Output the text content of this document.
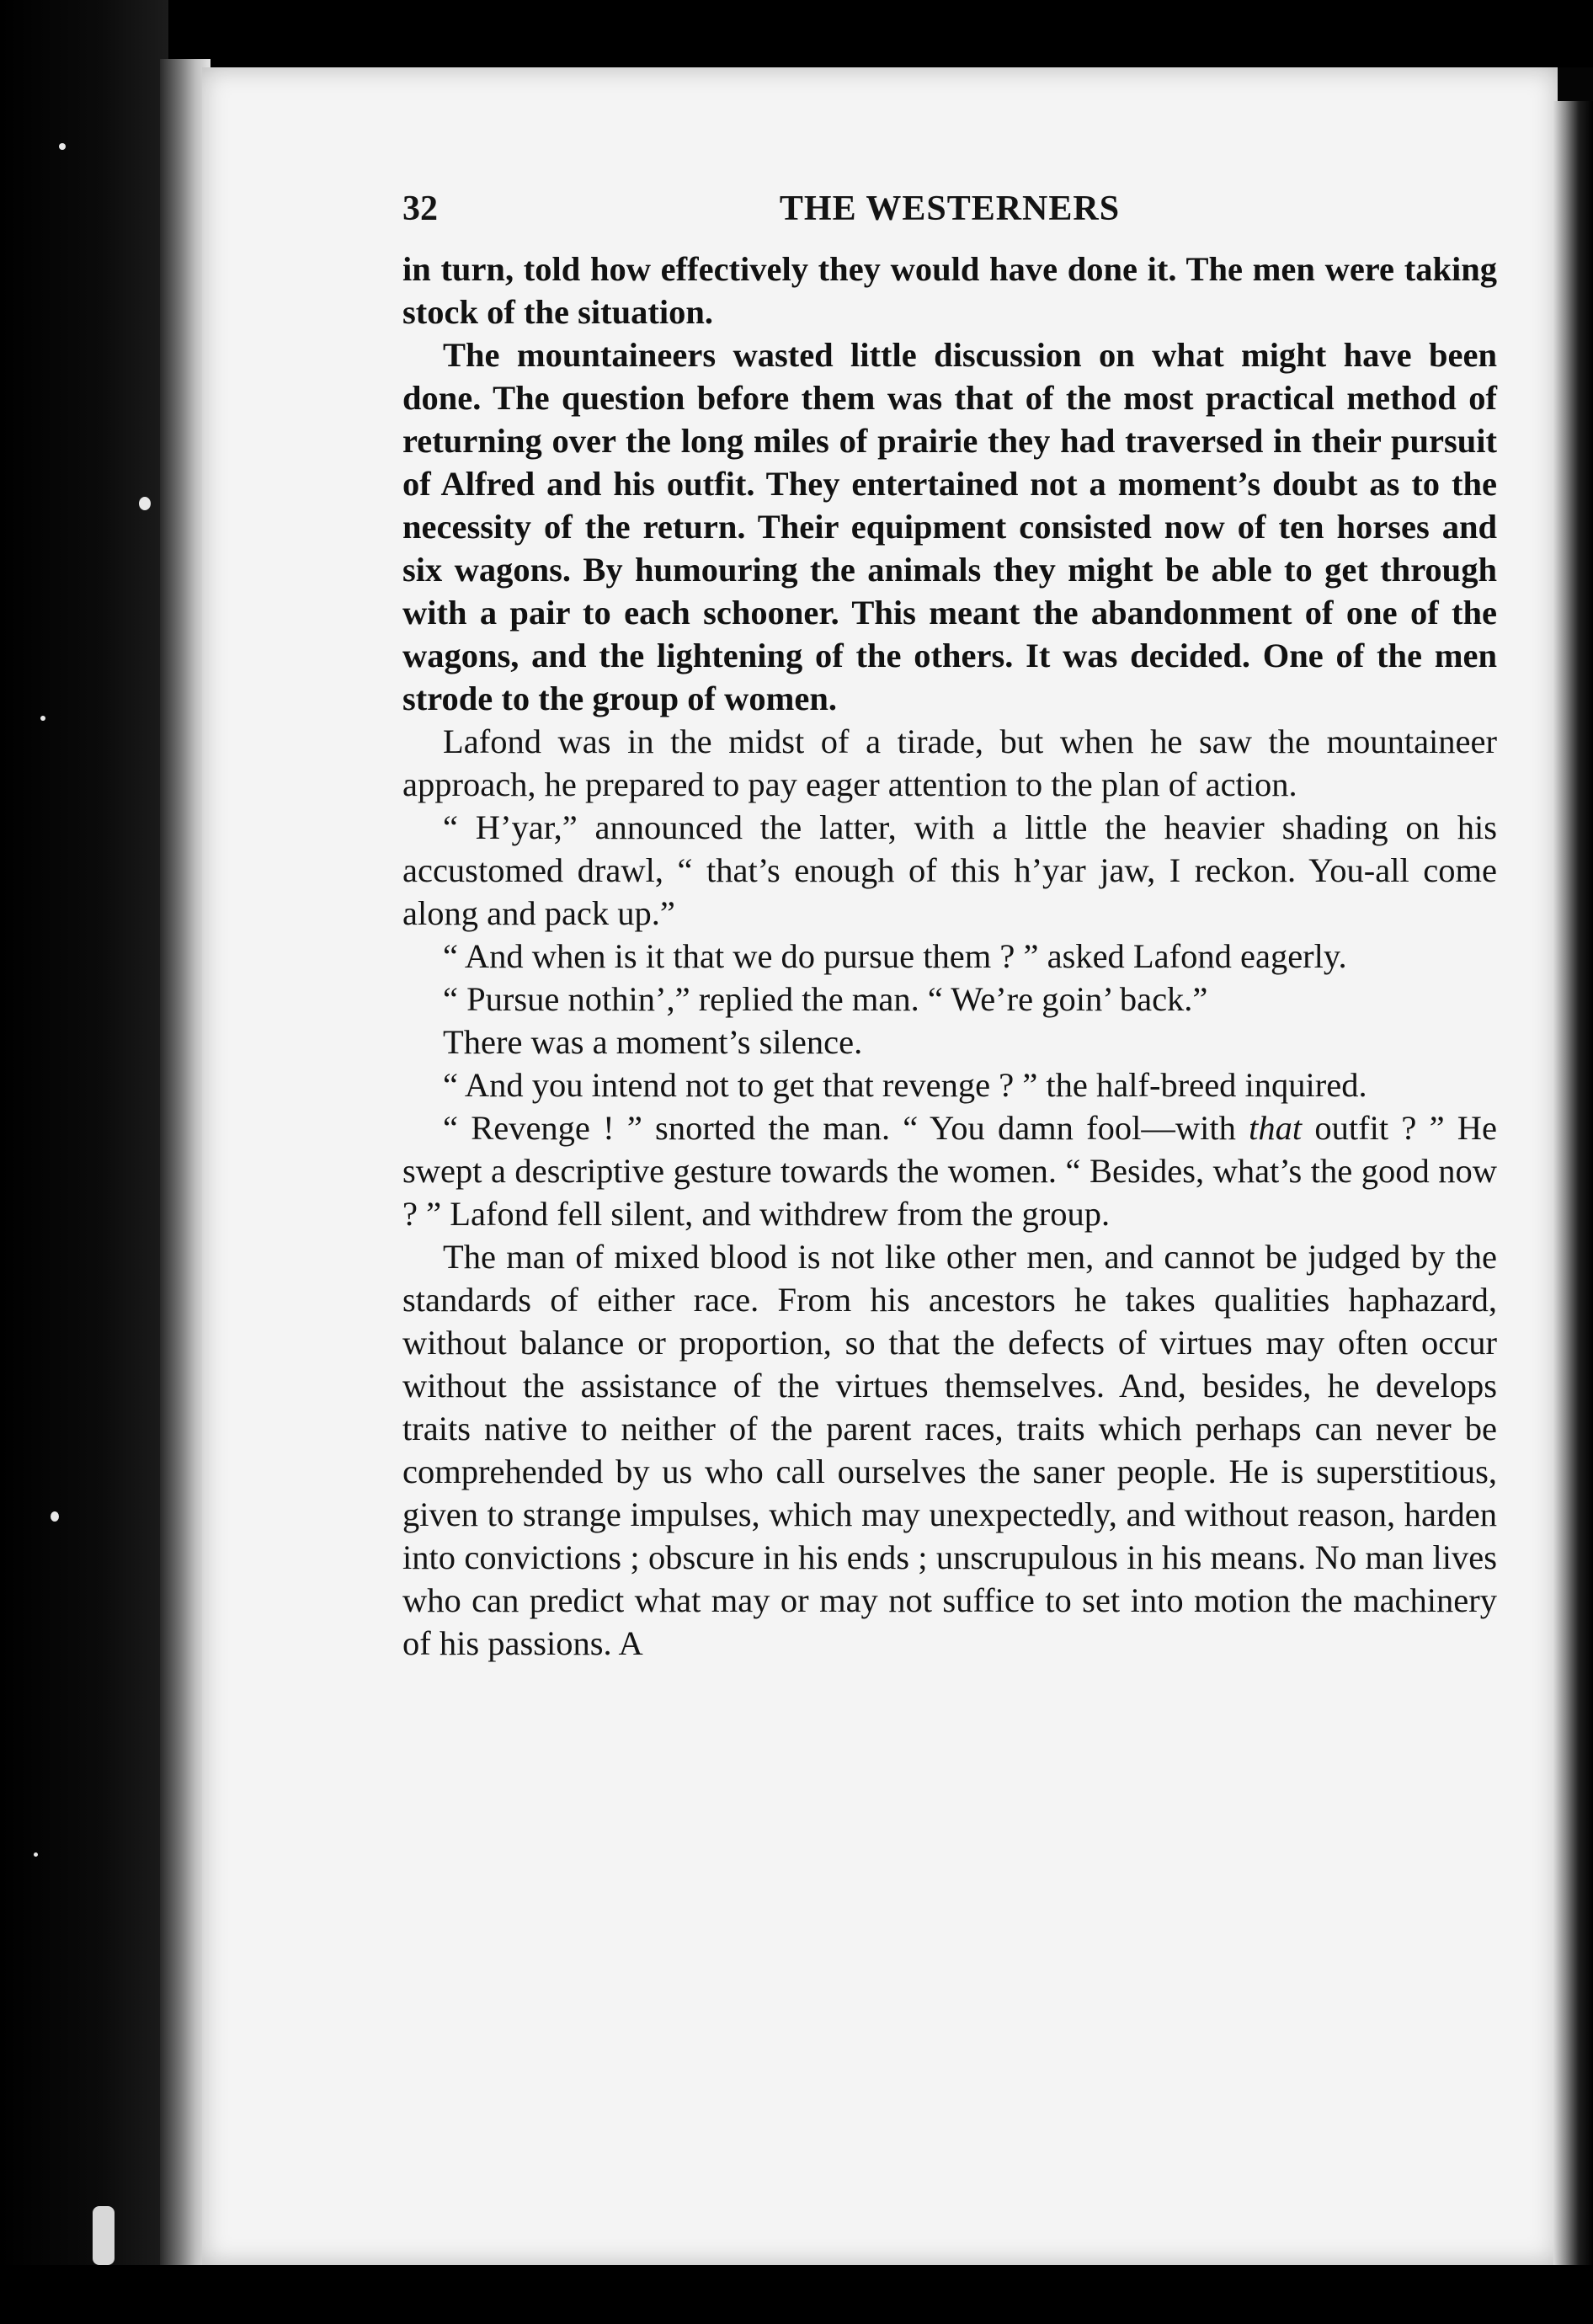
32	THE WESTERNERS

in turn, told how effectively they would have done it. The men were taking stock of the situation.

The mountaineers wasted little discussion on what might have been done. The question before them was that of the most practical method of returning over the long miles of prairie they had traversed in their pursuit of Alfred and his outfit. They entertained not a moment’s doubt as to the necessity of the return. Their equipment consisted now of ten horses and six wagons. By humouring the animals they might be able to get through with a pair to each schooner. This meant the abandonment of one of the wagons, and the lightening of the others. It was decided. One of the men strode to the group of women.

Lafond was in the midst of a tirade, but when he saw the mountaineer approach, he prepared to pay eager attention to the plan of action.

“ H’yar,” announced the latter, with a little the heavier shading on his accustomed drawl, “ that’s enough of this h’yar jaw, I reckon. You-all come along and pack up.”

“ And when is it that we do pursue them ? ” asked Lafond eagerly.

“ Pursue nothin’,” replied the man. “ We’re goin’ back.”

There was a moment’s silence.

“ And you intend not to get that revenge ? ” the half-breed inquired.

“ Revenge ! ” snorted the man. “ You damn fool—with that outfit ? ” He swept a descriptive gesture towards the women. “ Besides, what’s the good now ? ” Lafond fell silent, and withdrew from the group.

The man of mixed blood is not like other men, and cannot be judged by the standards of either race. From his ancestors he takes qualities haphazard, without balance or proportion, so that the defects of virtues may often occur without the assistance of the virtues themselves. And, besides, he develops traits native to neither of the parent races, traits which perhaps can never be comprehended by us who call ourselves the saner people. He is superstitious, given to strange impulses, which may unexpectedly, and without reason, harden into convictions ; obscure in his ends ; unscrupulous in his means. No man lives who can predict what may or may not suffice to set into motion the machinery of his passions. A
